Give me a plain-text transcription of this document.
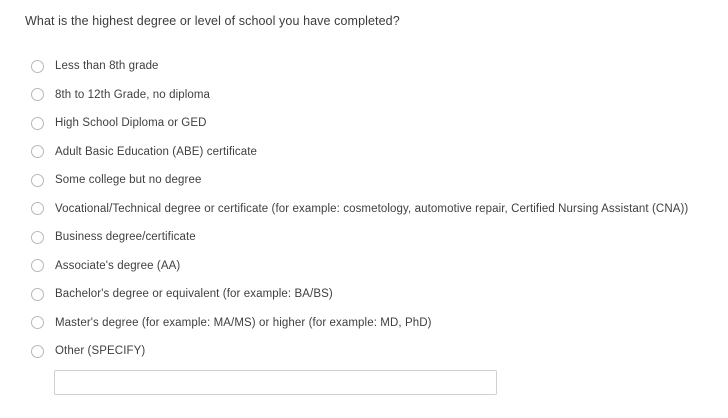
What is the highest degree or level of school you have completed?
Less than 8th grade
8th to 12th Grade, no diploma
High School Diploma or GED
Adult Basic Education (ABE) certificate
Some college but no degree
Vocational/Technical degree or certificate (for example: cosmetology, automotive repair, Certified Nursing Assistant (CNA))
Business degree/certificate
Associate's degree (AA)
Bachelor's degree or equivalent (for example: BA/BS)
Master's degree (for example: MA/MS) or higher (for example: MD, PhD)
Other (SPECIFY)
